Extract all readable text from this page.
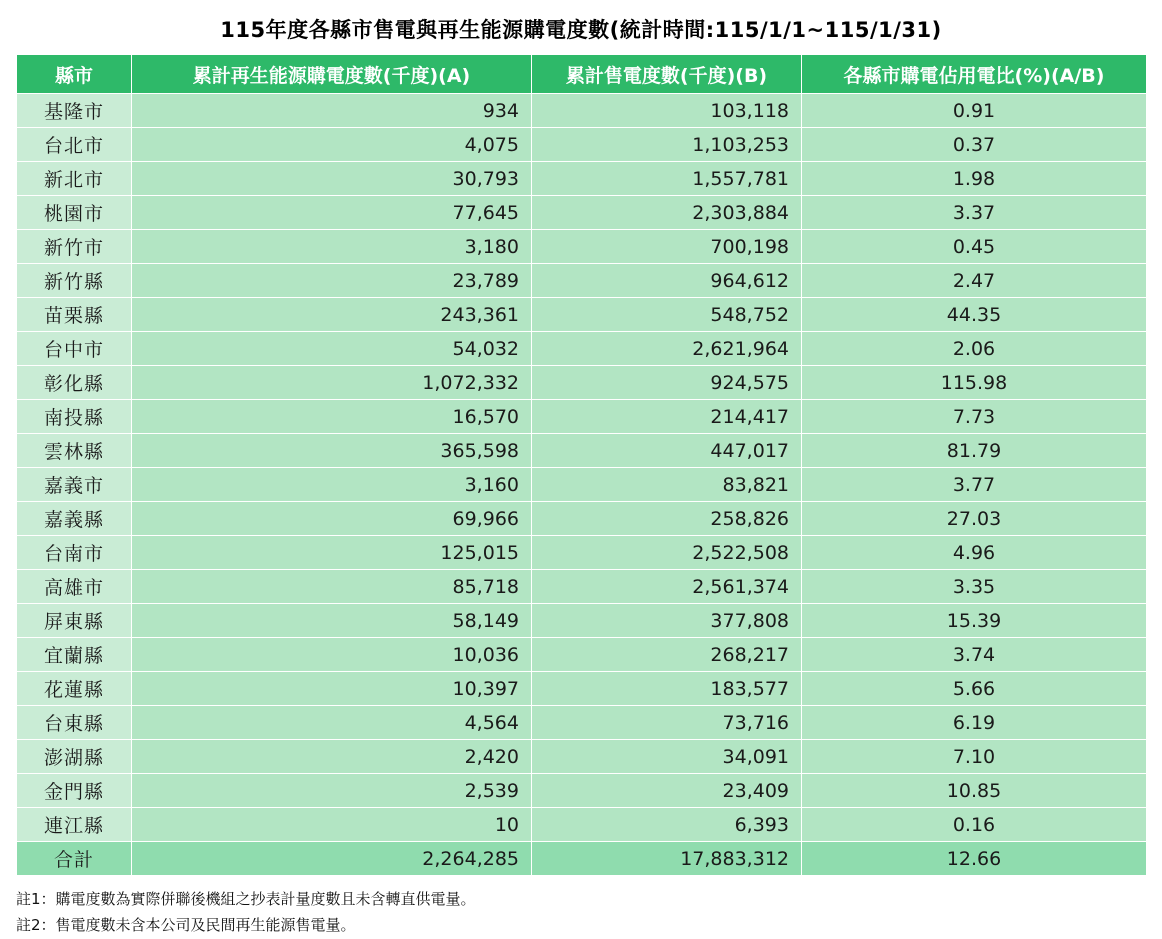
115年度各縣市售電與再生能源購電度數(統計時間:115/1/1~115/1/31)
縣市	累計再生能源購電度數(千度)(A)	累計售電度數(千度)(B)	各縣市購電佔用電比(%)(A/B)
基隆市	934	103,118	0.91
台北市	4,075	1,103,253	0.37
新北市	30,793	1,557,781	1.98
桃園市	77,645	2,303,884	3.37
新竹市	3,180	700,198	0.45
新竹縣	23,789	964,612	2.47
苗栗縣	243,361	548,752	44.35
台中市	54,032	2,621,964	2.06
彰化縣	1,072,332	924,575	115.98
南投縣	16,570	214,417	7.73
雲林縣	365,598	447,017	81.79
嘉義市	3,160	83,821	3.77
嘉義縣	69,966	258,826	27.03
台南市	125,015	2,522,508	4.96
高雄市	85,718	2,561,374	3.35
屏東縣	58,149	377,808	15.39
宜蘭縣	10,036	268,217	3.74
花蓮縣	10,397	183,577	5.66
台東縣	4,564	73,716	6.19
澎湖縣	2,420	34,091	7.10
金門縣	2,539	23,409	10.85
連江縣	10	6,393	0.16
合計	2,264,285	17,883,312	12.66
註1：購電度數為實際併聯後機組之抄表計量度數且未含轉直供電量。
註2：售電度數未含本公司及民間再生能源售電量。
